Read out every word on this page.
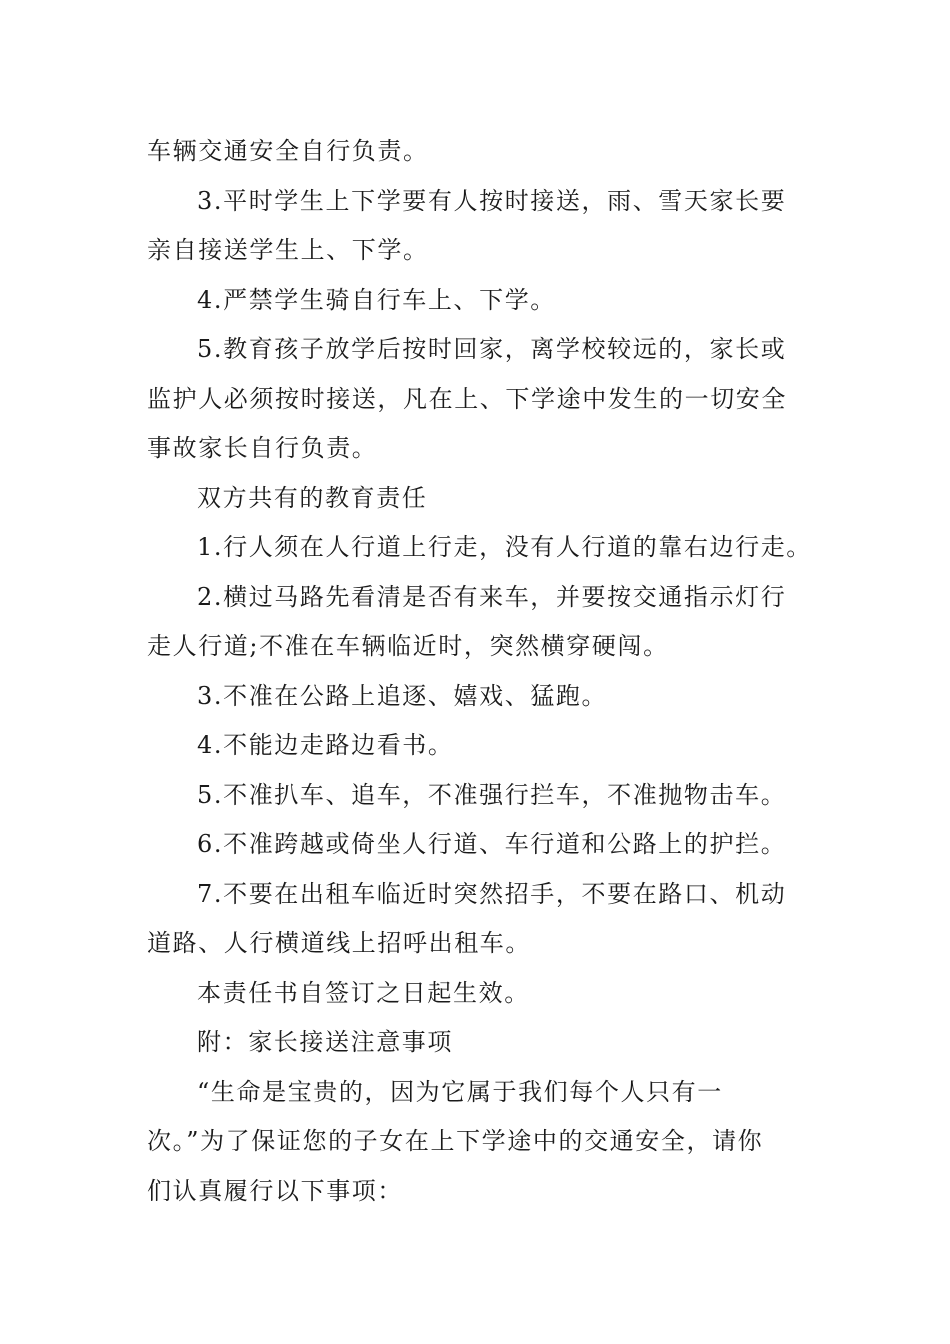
车辆交通安全自行负责。
3.平时学生上下学要有人按时接送，雨、雪天家长要
亲自接送学生上、下学。
4.严禁学生骑自行车上、下学。
5.教育孩子放学后按时回家，离学校较远的，家长或
监护人必须按时接送，凡在上、下学途中发生的一切安全
事故家长自行负责。
双方共有的教育责任
1.行人须在人行道上行走，没有人行道的靠右边行走。
2.横过马路先看清是否有来车，并要按交通指示灯行
走人行道;不准在车辆临近时，突然横穿硬闯。
3.不准在公路上追逐、嬉戏、猛跑。
4.不能边走路边看书。
5.不准扒车、追车，不准强行拦车，不准抛物击车。
6.不准跨越或倚坐人行道、车行道和公路上的护拦。
7.不要在出租车临近时突然招手，不要在路口、机动
道路、人行横道线上招呼出租车。
本责任书自签订之日起生效。
附：家长接送注意事项
“生命是宝贵的，因为它属于我们每个人只有一
次。”为了保证您的子女在上下学途中的交通安全，请你
们认真履行以下事项：
